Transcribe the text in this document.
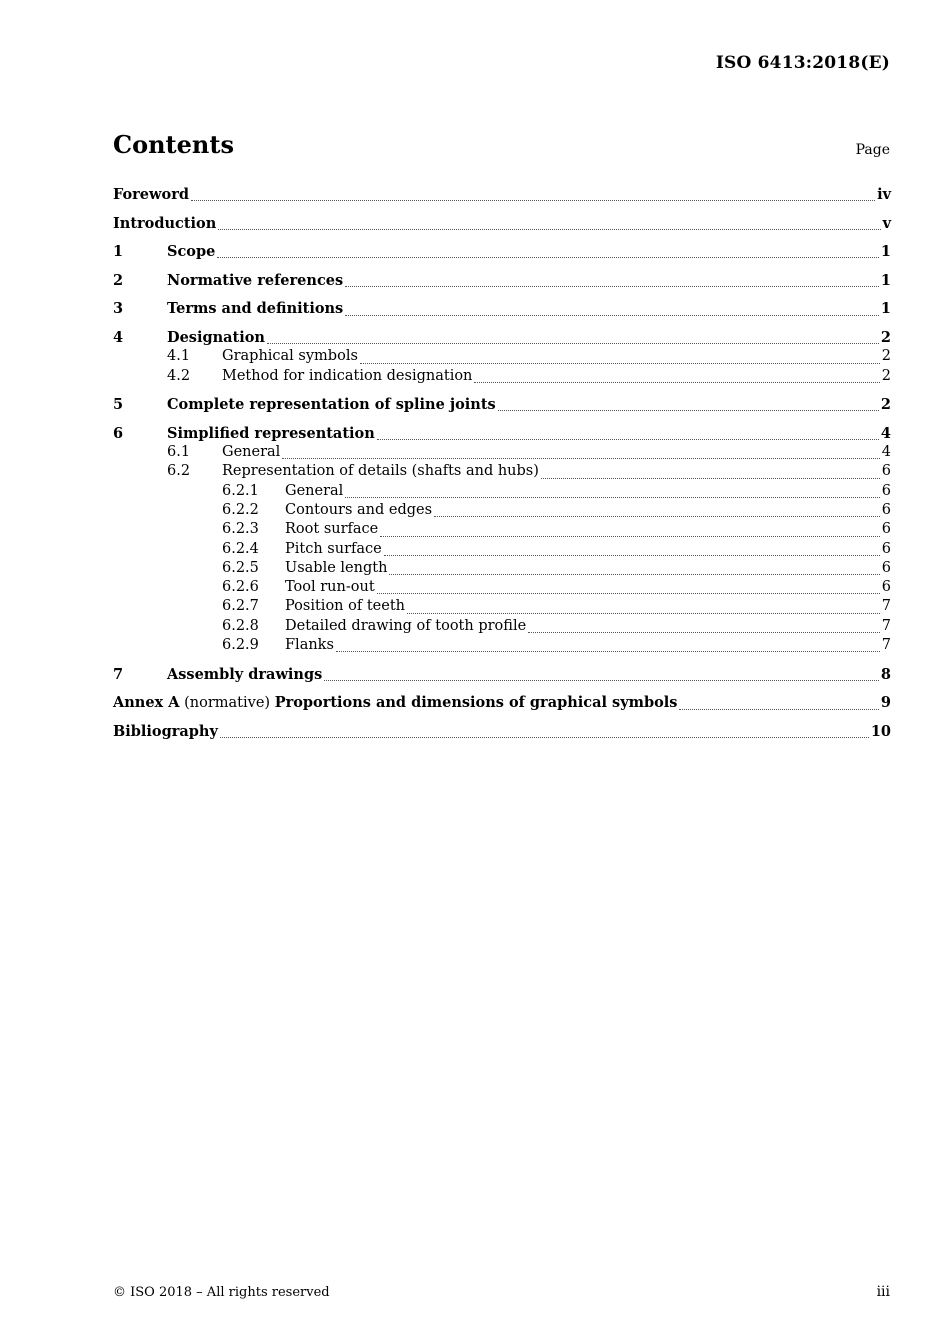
ISO 6413:2018(E)
Contents	Page
Foreword	iv
Introduction	v
1	Scope	1
2	Normative references	1
3	Terms and definitions	1
4	Designation	2
4.1	Graphical symbols	2
4.2	Method for indication designation	2
5	Complete representation of spline joints	2
6	Simplified representation	4
6.1	General	4
6.2	Representation of details (shafts and hubs)	6
6.2.1	General	6
6.2.2	Contours and edges	6
6.2.3	Root surface	6
6.2.4	Pitch surface	6
6.2.5	Usable length	6
6.2.6	Tool run-out	6
6.2.7	Position of teeth	7
6.2.8	Detailed drawing of tooth profile	7
6.2.9	Flanks	7
7	Assembly drawings	8
Annex A (normative) Proportions and dimensions of graphical symbols	9
Bibliography	10
© ISO 2018 – All rights reserved	iii
